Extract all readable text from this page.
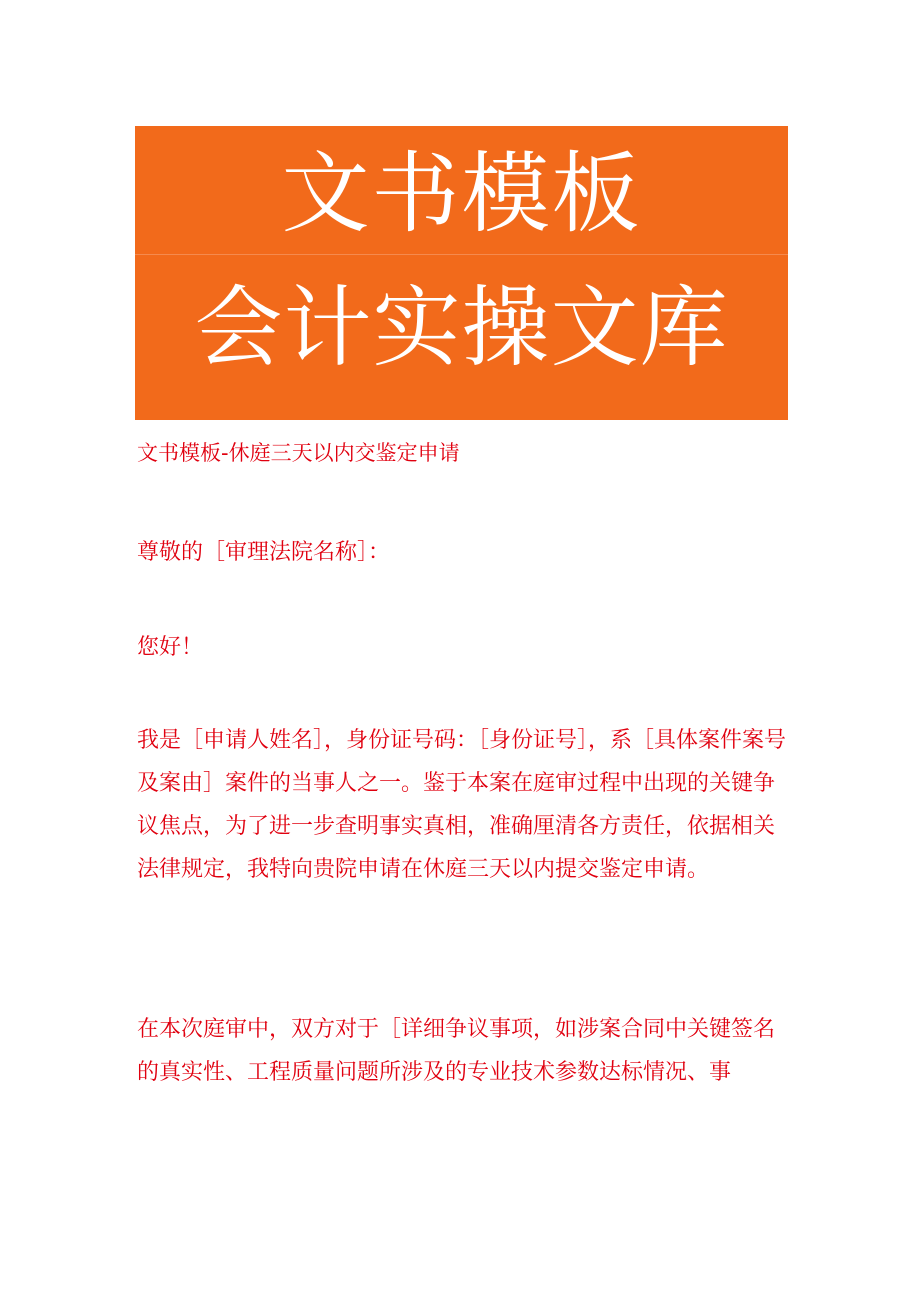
文书模板
会计实操文库
文书模板-休庭三天以内交鉴定申请
尊敬的［审理法院名称］：
您好！
我是［申请人姓名］，身份证号码：［身份证号］，系［具体案件案号及案由］案件的当事人之一。鉴于本案在庭审过程中出现的关键争议焦点，为了进一步查明事实真相，准确厘清各方责任，依据相关法律规定，我特向贵院申请在休庭三天以内提交鉴定申请。
在本次庭审中，双方对于［详细争议事项，如涉案合同中关键签名的真实性、工程质量问题所涉及的专业技术参数达标情况、事
